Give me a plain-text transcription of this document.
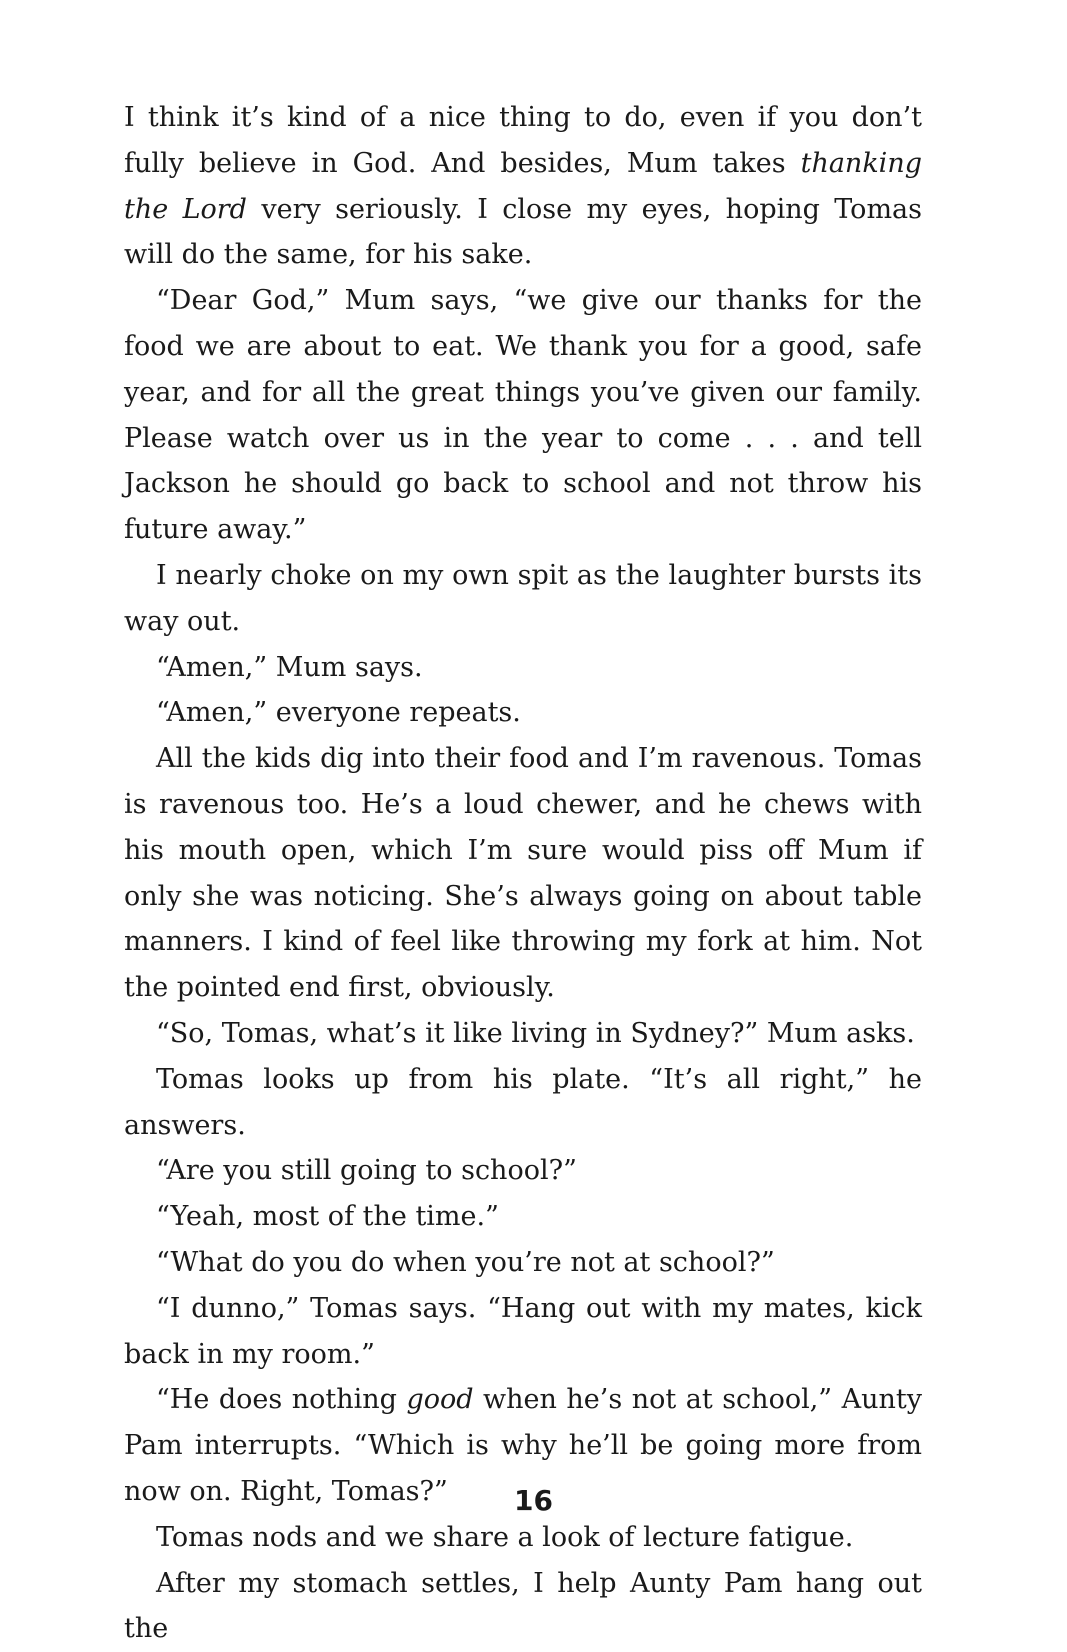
I think it’s kind of a nice thing to do, even if you don’t fully believe in God. And besides, Mum takes thanking the Lord very seriously. I close my eyes, hoping Tomas will do the same, for his sake.

“Dear God,” Mum says, “we give our thanks for the food we are about to eat. We thank you for a good, safe year, and for all the great things you’ve given our family. Please watch over us in the year to come . . . and tell Jackson he should go back to school and not throw his future away.”

I nearly choke on my own spit as the laughter bursts its way out.

“Amen,” Mum says.

“Amen,” everyone repeats.

All the kids dig into their food and I’m ravenous. Tomas is ravenous too. He’s a loud chewer, and he chews with his mouth open, which I’m sure would piss off Mum if only she was noticing. She’s always going on about table manners. I kind of feel like throwing my fork at him. Not the pointed end first, obviously.

“So, Tomas, what’s it like living in Sydney?” Mum asks.

Tomas looks up from his plate. “It’s all right,” he answers.

“Are you still going to school?”

“Yeah, most of the time.”

“What do you do when you’re not at school?”

“I dunno,” Tomas says. “Hang out with my mates, kick back in my room.”

“He does nothing good when he’s not at school,” Aunty Pam interrupts. “Which is why he’ll be going more from now on. Right, Tomas?”

Tomas nods and we share a look of lecture fatigue.

After my stomach settles, I help Aunty Pam hang out the

16
